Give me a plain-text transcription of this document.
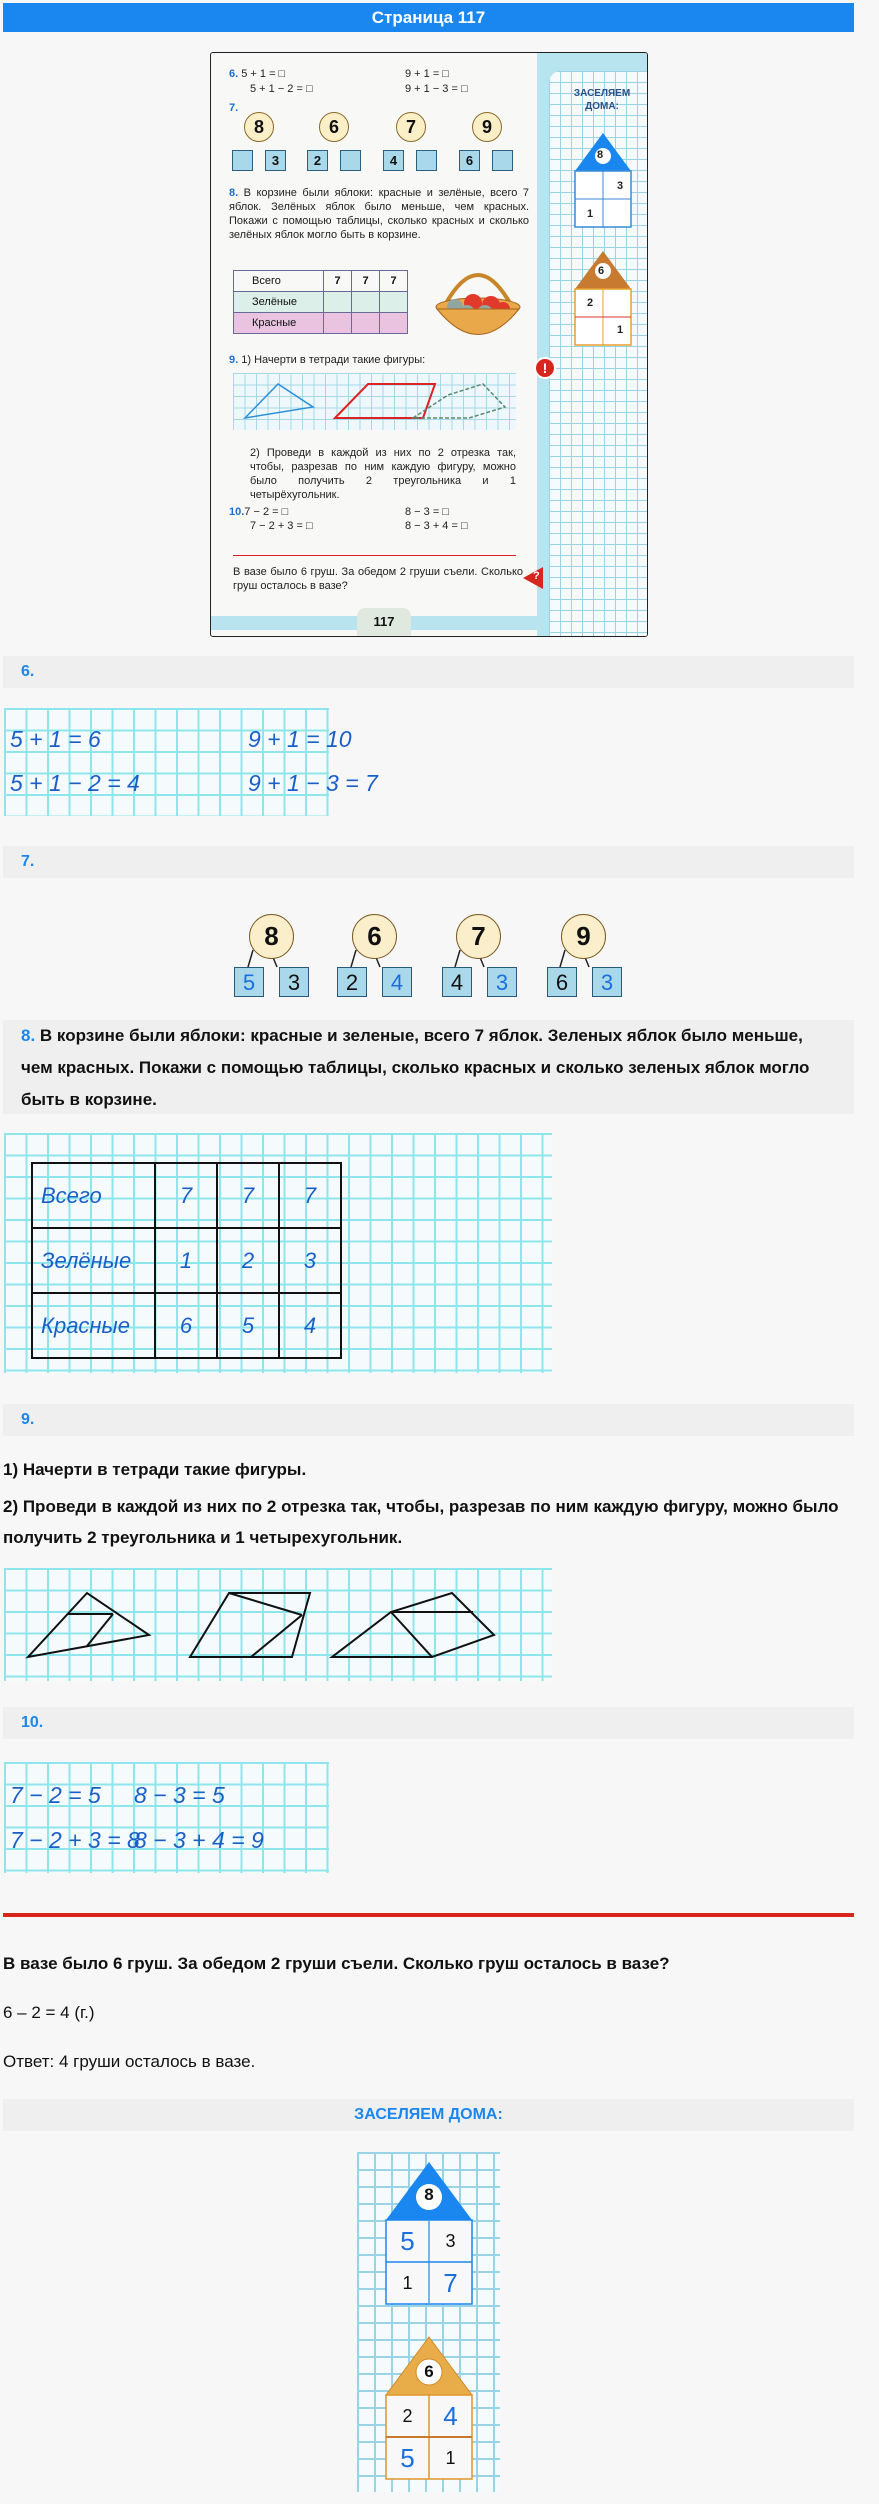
Страница 117
ЗАСЕЛЯЕМ
ДОМА:
8
3
1
6
2
1
!
?
6. 5 + 1 = □
5 + 1 − 2 = □
9 + 1 = □
9 + 1 − 3 = □
7.
8
3
6
2
7
4
9
6
8. В корзине были яблоки: красные и зелёные, всего 7 яблок. Зелёных яблок было меньше, чем красных. Покажи с помощью таблицы, сколько красных и сколько зелёных яблок могло быть в корзине.
Всего	7	7	7
Зелёные			
Красные			
9. 1) Начерти в тетради такие фигуры:
2) Проведи в каждой из них по 2 отрезка так, чтобы, разрезав по ним каждую фигуру, можно было получить 2 треугольника и 1 четырёхугольник.
10.7 − 2 = □
7 − 2 + 3 = □
8 − 3 = □
8 − 3 + 4 = □
В вазе было 6 груш. За обедом 2 груши съели. Сколько груш осталось в вазе?
117
6.
5 + 1 = 6
5 + 1 − 2 = 4
9 + 1 = 10
9 + 1 − 3 = 7
7.
8
5	3
6
2	4
7
4	3
9
6	3
8. В корзине были яблоки: красные и зеленые, всего 7 яблок. Зеленых яблок было меньше, чем красных. Покажи с помощью таблицы, сколько красных и сколько зеленых яблок могло быть в корзине.
Всего	7	7	7
Зелёные	1	2	3
Красные	6	5	4
9.
1) Начерти в тетради такие фигуры.
2) Проведи в каждой из них по 2 отрезка так, чтобы, разрезав по ним каждую фигуру, можно было получить 2 треугольника и 1 четырехугольник.
10.
7 − 2 = 5
7 − 2 + 3 = 8
8 − 3 = 5
8 − 3 + 4 = 9
В вазе было 6 груш. За обедом 2 груши съели. Сколько груш осталось в вазе?
6 – 2 = 4 (г.)
Ответ: 4 груши осталось в вазе.
ЗАСЕЛЯЕМ ДОМА:
8
5	3
1	7
6
2	4
5	1
